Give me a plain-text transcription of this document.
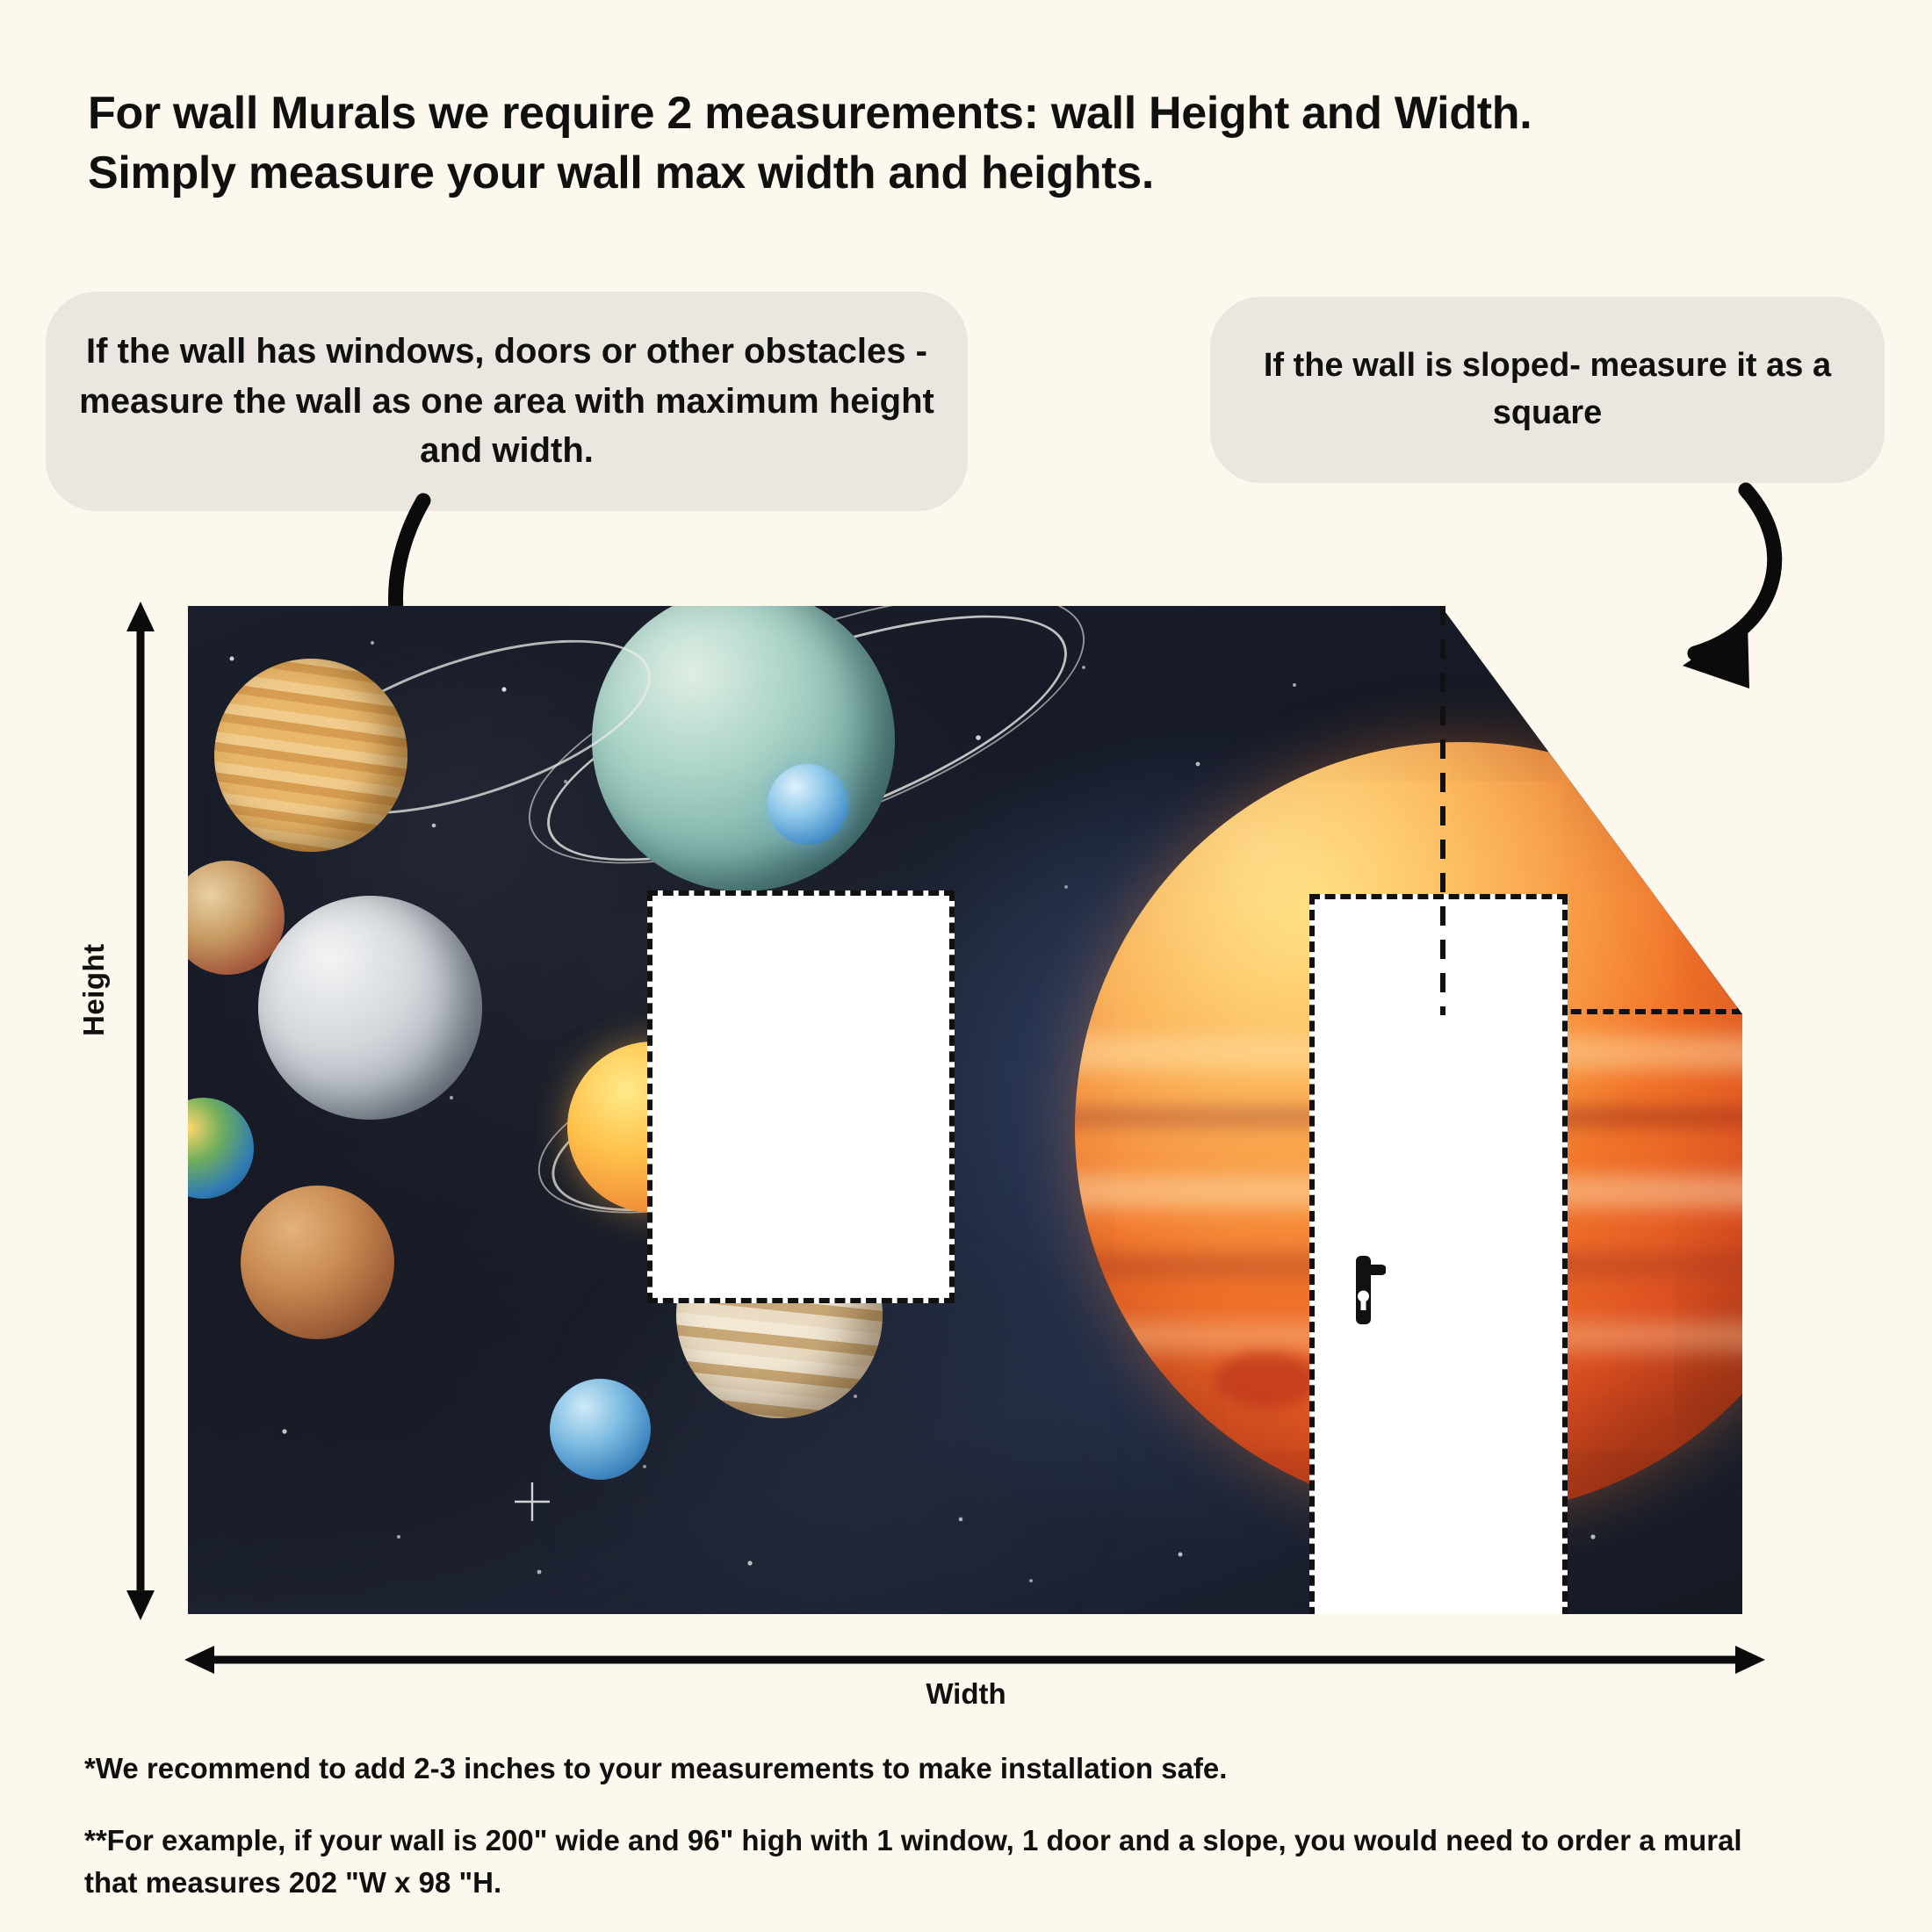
For wall Murals we require 2 measurements: wall Height and Width.
Simply measure your wall max width and heights.
If the wall has windows, doors or other obstacles - measure the wall as one area with maximum height and width.
If the wall is sloped- measure it as a square
Height
Width
*We recommend to add 2-3 inches to your measurements to make installation safe.
**For example, if your wall is 200" wide and 96" high with 1 window, 1 door and a slope, you would need to order a mural that measures 202 "W x 98 "H.
